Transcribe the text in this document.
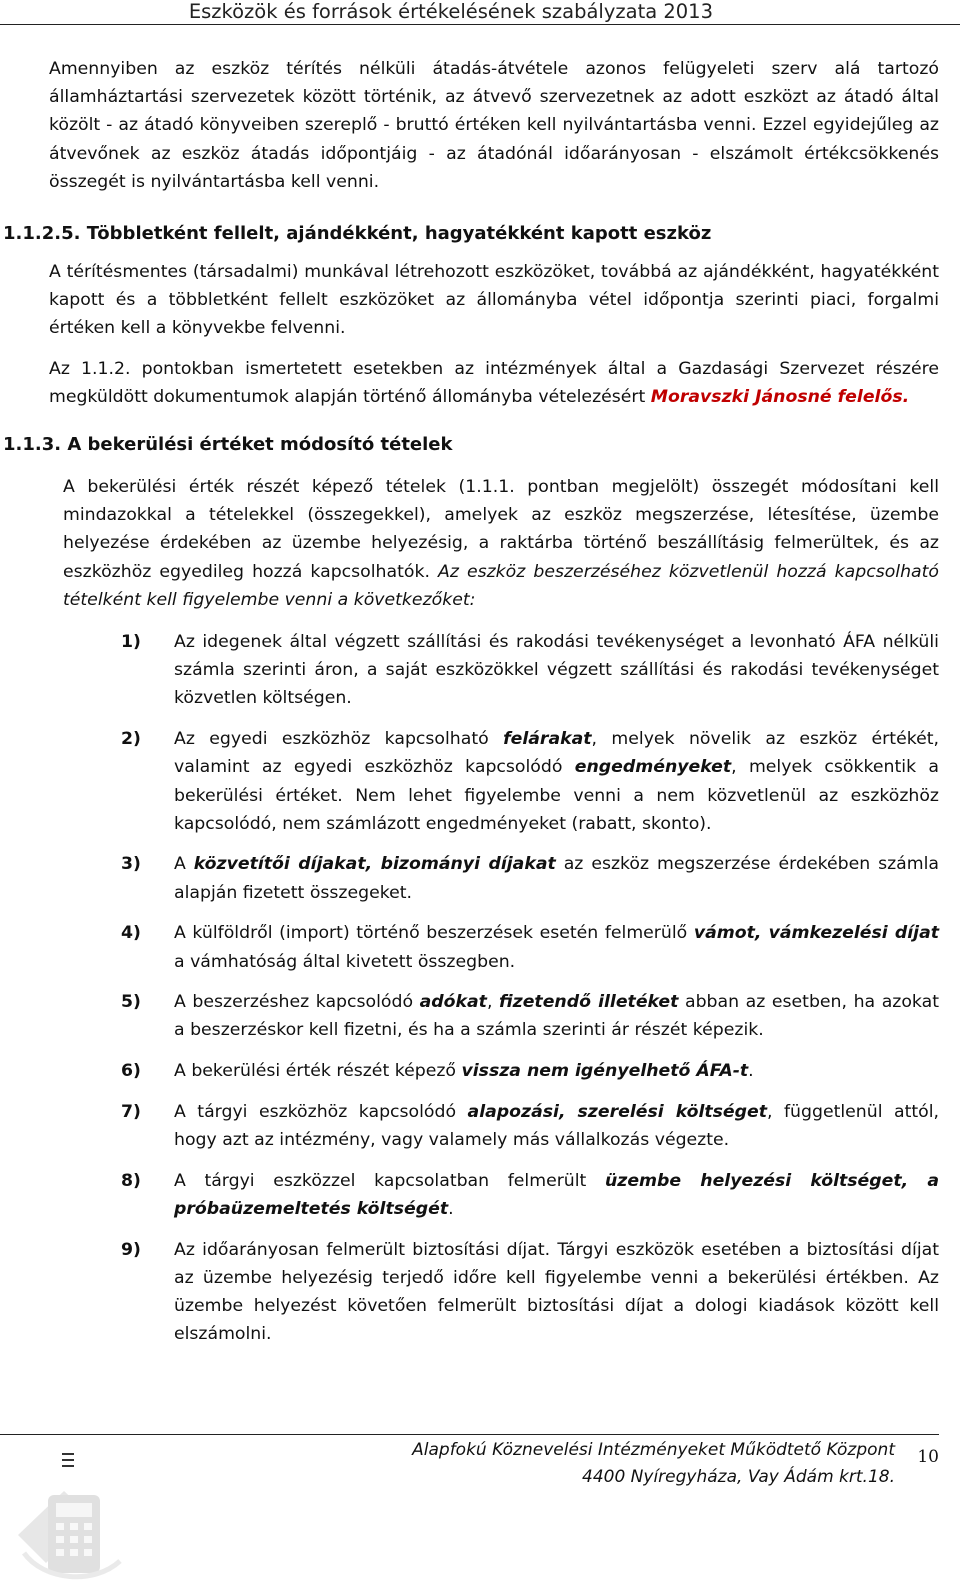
Eszközök és források értékelésének szabályzata 2013

Amennyiben az eszköz térítés nélküli átadás-átvétele azonos felügyeleti szerv alá tartozó államháztartási szervezetek között történik, az átvevő szervezetnek az adott eszközt az átadó által közölt - az átadó könyveiben szereplő - bruttó értéken kell nyilvántartásba venni. Ezzel egyidejűleg az átvevőnek az eszköz átadás időpontjáig - az átadónál időarányosan - elszámolt értékcsökkenés összegét is nyilvántartásba kell venni.

1.1.2.5. Többletként fellelt, ajándékként, hagyatékként kapott eszköz

A térítésmentes (társadalmi) munkával létrehozott eszközöket, továbbá az ajándékként, hagyatékként kapott és a többletként fellelt eszközöket az állományba vétel időpontja szerinti piaci, forgalmi értéken kell a könyvekbe felvenni.

Az 1.1.2. pontokban ismertetett esetekben az intézmények által a Gazdasági Szervezet részére megküldött dokumentumok alapján történő állományba vételezésért Moravszki Jánosné felelős.

1.1.3. A bekerülési értéket módosító tételek

A bekerülési érték részét képező tételek (1.1.1. pontban megjelölt) összegét módosítani kell mindazokkal a tételekkel (összegekkel), amelyek az eszköz megszerzése, létesítése, üzembe helyezése érdekében az üzembe helyezésig, a raktárba történő beszállításig felmerültek, és az eszközhöz egyedileg hozzá kapcsolhatók. Az eszköz beszerzéséhez közvetlenül hozzá kapcsolható tételként kell figyelembe venni a következőket:

1) Az idegenek által végzett szállítási és rakodási tevékenységet a levonható ÁFA nélküli számla szerinti áron, a saját eszközökkel végzett szállítási és rakodási tevékenységet közvetlen költségen.
2) Az egyedi eszközhöz kapcsolható felárakat, melyek növelik az eszköz értékét, valamint az egyedi eszközhöz kapcsolódó engedményeket, melyek csökkentik a bekerülési értéket. Nem lehet figyelembe venni a nem közvetlenül az eszközhöz kapcsolódó, nem számlázott engedményeket (rabatt, skonto).
3) A közvetítői díjakat, bizományi díjakat az eszköz megszerzése érdekében számla alapján fizetett összegeket.
4) A külföldről (import) történő beszerzések esetén felmerülő vámot, vámkezelési díjat a vámhatóság által kivetett összegben.
5) A beszerzéshez kapcsolódó adókat, fizetendő illetéket abban az esetben, ha azokat a beszerzéskor kell fizetni, és ha a számla szerinti ár részét képezik.
6) A bekerülési érték részét képező vissza nem igényelhető ÁFA-t.
7) A tárgyi eszközhöz kapcsolódó alapozási, szerelési költséget, függetlenül attól, hogy azt az intézmény, vagy valamely más vállalkozás végezte.
8) A tárgyi eszközzel kapcsolatban felmerült üzembe helyezési költséget, a próbaüzemeltetés költségét.
9) Az időarányosan felmerült biztosítási díjat. Tárgyi eszközök esetében a biztosítási díjat az üzembe helyezésig terjedő időre kell figyelembe venni a bekerülési értékben. Az üzembe helyezést követően felmerült biztosítási díjat a dologi kiadások között kell elszámolni.
Alapfokú Köznevelési Intézményeket Működtető Központ
4400 Nyíregyháza, Vay Ádám krt.18.
10
